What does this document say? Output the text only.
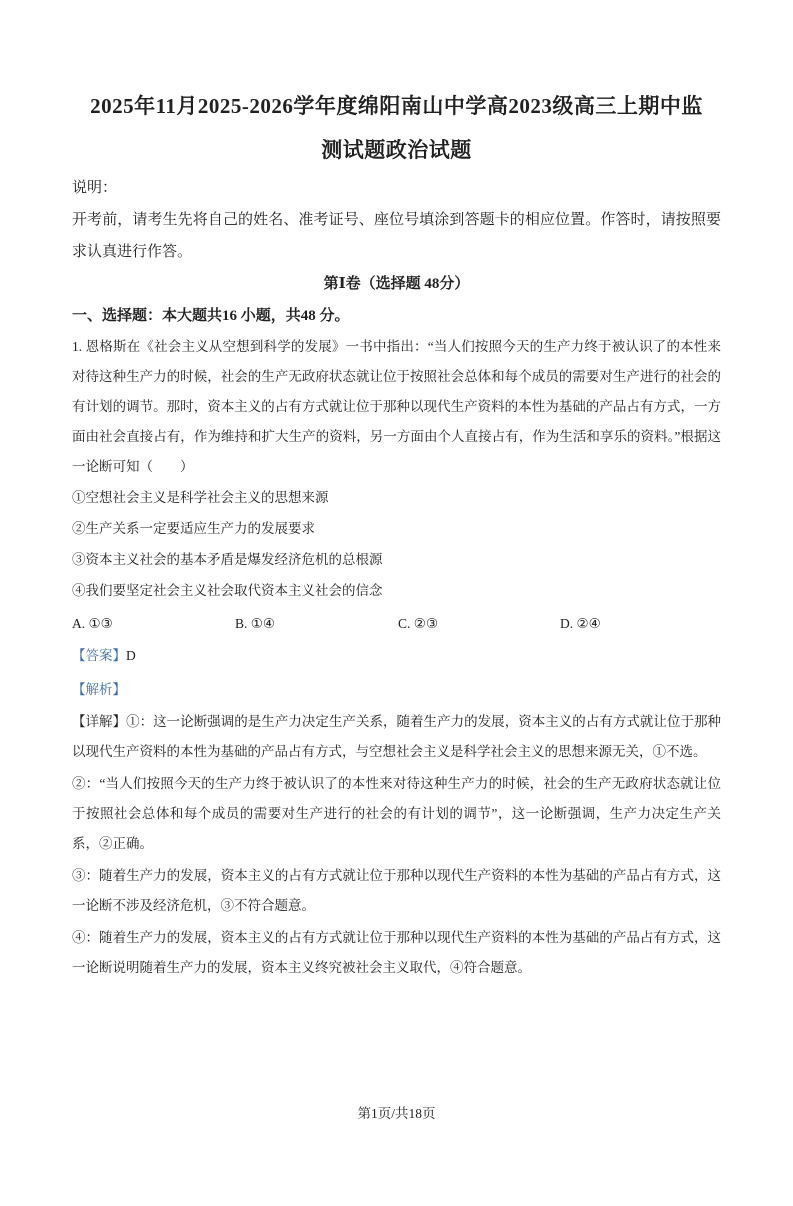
2025年11月2025-2026学年度绵阳南山中学高2023级高三上期中监
测试题政治试题
说明：
开考前，请考生先将自己的姓名、准考证号、座位号填涂到答题卡的相应位置。作答时，请按照要求认真进行作答。
第Ⅰ卷（选择题 48分）
一、选择题：本大题共16 小题，共48 分。

1. 恩格斯在《社会主义从空想到科学的发展》一书中指出：“当人们按照今天的生产力终于被认识了的本性来对待这种生产力的时候，社会的生产无政府状态就让位于按照社会总体和每个成员的需要对生产进行的社会的有计划的调节。那时，资本主义的占有方式就让位于那种以现代生产资料的本性为基础的产品占有方式，一方面由社会直接占有，作为维持和扩大生产的资料，另一方面由个人直接占有，作为生活和享乐的资料。”根据这一论断可知（　　）

①空想社会主义是科学社会主义的思想来源

②生产关系一定要适应生产力的发展要求

③资本主义社会的基本矛盾是爆发经济危机的总根源

④我们要坚定社会主义社会取代资本主义社会的信念

A. ①③	B. ①④	C. ②③	D. ②④
【答案】D
【解析】

【详解】①：这一论断强调的是生产力决定生产关系，随着生产力的发展，资本主义的占有方式就让位于那种以现代生产资料的本性为基础的产品占有方式，与空想社会主义是科学社会主义的思想来源无关，①不选。

②：“当人们按照今天的生产力终于被认识了的本性来对待这种生产力的时候，社会的生产无政府状态就让位于按照社会总体和每个成员的需要对生产进行的社会的有计划的调节”，这一论断强调，生产力决定生产关系，②正确。

③：随着生产力的发展，资本主义的占有方式就让位于那种以现代生产资料的本性为基础的产品占有方式，这一论断不涉及经济危机，③不符合题意。

④：随着生产力的发展，资本主义的占有方式就让位于那种以现代生产资料的本性为基础的产品占有方式，这一论断说明随着生产力的发展，资本主义终究被社会主义取代，④符合题意。

第1页/共18页
